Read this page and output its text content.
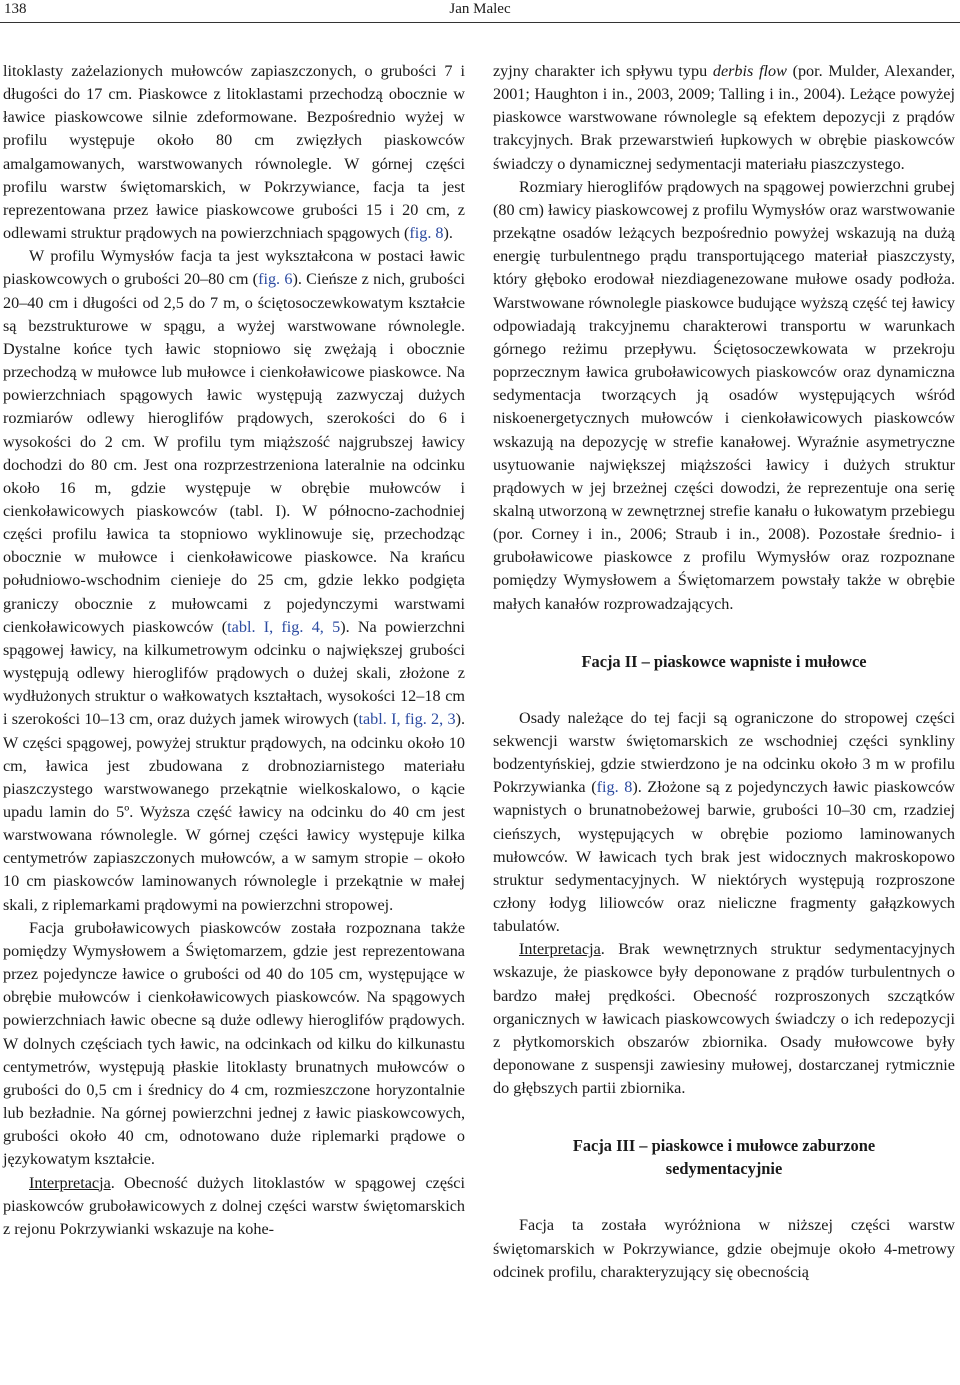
138	Jan Malec

litoklasty zażelazionych mułowców zapiaszczonych, o grubości 7 i długości do 17 cm. Piaskowce z litoklastami przechodzą obocznie w ławice piaskowcowe silnie zdeformowane. Bezpośrednio wyżej w profilu występuje około 80 cm zwięzłych piaskowców amalgamowanych, warstwowanych równolegle. W górnej części profilu warstw świętomarskich, w Pokrzywiance, facja ta jest reprezentowana przez ławice piaskowcowe grubości 15 i 20 cm, z odlewami struktur prądowych na powierzchniach spągowych (fig. 8).

W profilu Wymysłów facja ta jest wykształcona w postaci ławic piaskowcowych o grubości 20–80 cm (fig. 6). Cieńsze z nich, grubości 20–40 cm i długości od 2,5 do 7 m, o ściętosoczewkowatym kształcie są bezstrukturowe w spągu, a wyżej warstwowane równolegle. Dystalne końce tych ławic stopniowo się zwężają i obocznie przechodzą w mułowce lub mułowce i cienkoławicowe piaskowce. Na powierzchniach spągowych ławic występują zazwyczaj dużych rozmiarów odlewy hieroglifów prądowych, szerokości do 6 i wysokości do 2 cm. W profilu tym miąższość najgrubszej ławicy dochodzi do 80 cm. Jest ona rozprzestrzeniona lateralnie na odcinku około 16 m, gdzie występuje w obrębie mułowców i cienkoławicowych piaskowców (tabl. I). W północno-zachodniej części profilu ławica ta stopniowo wyklinowuje się, przechodząc obocznie w mułowce i cienkoławicowe piaskowce. Na krańcu południowo-wschodnim cienieje do 25 cm, gdzie lekko podgięta graniczy obocznie z mułowcami z pojedynczymi warstwami cienkoławicowych piaskowców (tabl. I, fig. 4, 5). Na powierzchni spągowej ławicy, na kilkumetrowym odcinku o największej grubości występują odlewy hieroglifów prądowych o dużej skali, złożone z wydłużonych struktur o wałkowatych kształtach, wysokości 12–18 cm i szerokości 10–13 cm, oraz dużych jamek wirowych (tabl. I, fig. 2, 3). W części spągowej, powyżej struktur prądowych, na odcinku około 10 cm, ławica jest zbudowana z drobnoziarnistego materiału piaszczystego warstwowanego przekątnie wielkoskalowo, o kącie upadu lamin do 5º. Wyższa część ławicy na odcinku do 40 cm jest warstwowana równolegle. W górnej części ławicy występuje kilka centymetrów zapiaszczonych mułowców, a w samym stropie – około 10 cm piaskowców laminowanych równolegle i przekątnie w małej skali, z riplemarkami prądowymi na powierzchni stropowej.

Facja gruboławicowych piaskowców została rozpoznana także pomiędzy Wymysłowem a Świętomarzem, gdzie jest reprezentowana przez pojedyncze ławice o grubości od 40 do 105 cm, występujące w obrębie mułowców i cienkoławicowych piaskowców. Na spągowych powierzchniach ławic obecne są duże odlewy hieroglifów prądowych. W dolnych częściach tych ławic, na odcinkach od kilku do kilkunastu centymetrów, występują płaskie litoklasty brunatnych mułowców o grubości do 0,5 cm i średnicy do 4 cm, rozmieszczone horyzontalnie lub bezładnie. Na górnej powierzchni jednej z ławic piaskowcowych, grubości około 40 cm, odnotowano duże riplemarki prądowe o językowatym kształcie.

Interpretacja. Obecność dużych litoklastów w spągowej części piaskowców gruboławicowych z dolnej części warstw świętomarskich z rejonu Pokrzywianki wskazuje na kohe-

zyjny charakter ich spływu typu derbis flow (por. Mulder, Alexander, 2001; Haughton i in., 2003, 2009; Talling i in., 2004). Leżące powyżej piaskowce warstwowane równolegle są efektem depozycji z prądów trakcyjnych. Brak przewarstwień łupkowych w obrębie piaskowców świadczy o dynamicznej sedymentacji materiału piaszczystego.

Rozmiary hieroglifów prądowych na spągowej powierzchni grubej (80 cm) ławicy piaskowcowej z profilu Wymysłów oraz warstwowanie przekątne osadów leżących bezpośrednio powyżej wskazują na dużą energię turbulentnego prądu transportującego materiał piaszczysty, który głęboko erodował niezdiagenezowane mułowe osady podłoża. Warstwowane równolegle piaskowce budujące wyższą część tej ławicy odpowiadają trakcyjnemu charakterowi transportu w warunkach górnego reżimu przepływu. Ściętosoczewkowata w przekroju poprzecznym ławica gruboławicowych piaskowców oraz dynamiczna sedymentacja tworzących ją osadów występujących wśród niskoenergetycznych mułowców i cienkoławicowych piaskowców wskazują na depozycję w strefie kanałowej. Wyraźnie asymetryczne usytuowanie największej miąższości ławicy i dużych struktur prądowych w jej brzeżnej części dowodzi, że reprezentuje ona serię skalną utworzoną w zewnętrznej strefie kanału o łukowatym przebiegu (por. Corney i in., 2006; Straub i in., 2008). Pozostałe średnio- i gruboławicowe piaskowce z profilu Wymysłów oraz rozpoznane pomiędzy Wymysłowem a Świętomarzem powstały także w obrębie małych kanałów rozprowadzających.

Facja II – piaskowce wapniste i mułowce

Osady należące do tej facji są ograniczone do stropowej części sekwencji warstw świętomarskich ze wschodniej części synkliny bodzentyńskiej, gdzie stwierdzono je na odcinku około 3 m w profilu Pokrzywianka (fig. 8). Złożone są z pojedynczych ławic piaskowców wapnistych o brunatnobeżowej barwie, grubości 10–30 cm, rzadziej cieńszych, występujących w obrębie poziomo laminowanych mułowców. W ławicach tych brak jest widocznych makroskopowo struktur sedymentacyjnych. W niektórych występują rozproszone człony łodyg liliowców oraz nieliczne fragmenty gałązkowych tabulatów.

Interpretacja. Brak wewnętrznych struktur sedymentacyjnych wskazuje, że piaskowce były deponowane z prądów turbulentnych o bardzo małej prędkości. Obecność rozproszonych szczątków organicznych w ławicach piaskowcowych świadczy o ich redepozycji z płytkomorskich obszarów zbiornika. Osady mułowcowe były deponowane z suspensji zawiesiny mułowej, dostarczanej rytmicznie do głębszych partii zbiornika.

Facja III – piaskowce i mułowce zaburzone
sedymentacyjnie

Facja ta została wyróżniona w niższej części warstw świętomarskich w Pokrzywiance, gdzie obejmuje około 4-metrowy odcinek profilu, charakteryzujący się obecnością
